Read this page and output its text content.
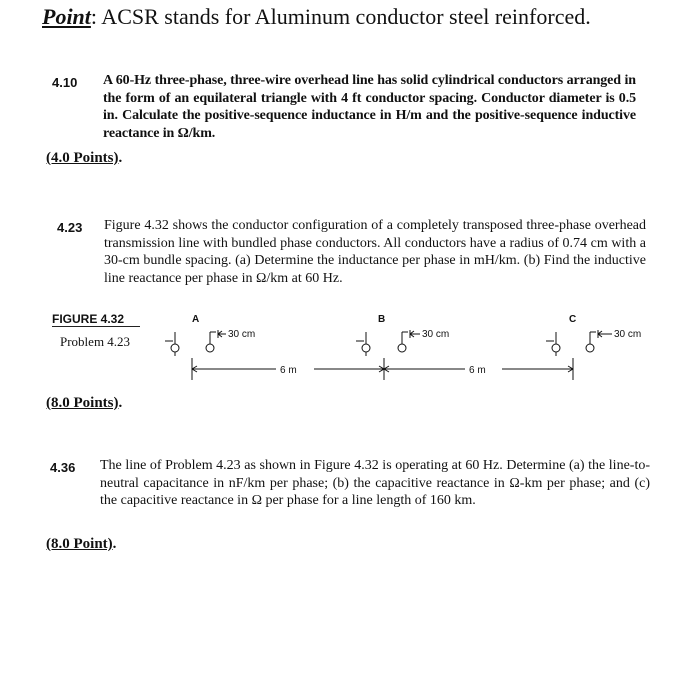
Point: ACSR stands for Aluminum conductor steel reinforced.
4.10 A 60-Hz three-phase, three-wire overhead line has solid cylindrical conductors arranged in the form of an equilateral triangle with 4 ft conductor spacing. Conductor diameter is 0.5 in. Calculate the positive-sequence inductance in H/m and the positive-sequence inductive reactance in Ω/km.
(4.0 Points).
4.23 Figure 4.32 shows the conductor configuration of a completely transposed three-phase overhead transmission line with bundled phase conductors. All conductors have a radius of 0.74 cm with a 30-cm bundle spacing. (a) Determine the inductance per phase in mH/km. (b) Find the inductive line reactance per phase in Ω/km at 60 Hz.
FIGURE 4.32
Problem 4.23
A
30 cm
B
30 cm
C
30 cm
6 m	6 m
(8.0 Points).
4.36 The line of Problem 4.23 as shown in Figure 4.32 is operating at 60 Hz. Determine (a) the line-to-neutral capacitance in nF/km per phase; (b) the capacitive reactance in Ω-km per phase; and (c) the capacitive reactance in Ω per phase for a line length of 160 km.
(8.0 Point).
